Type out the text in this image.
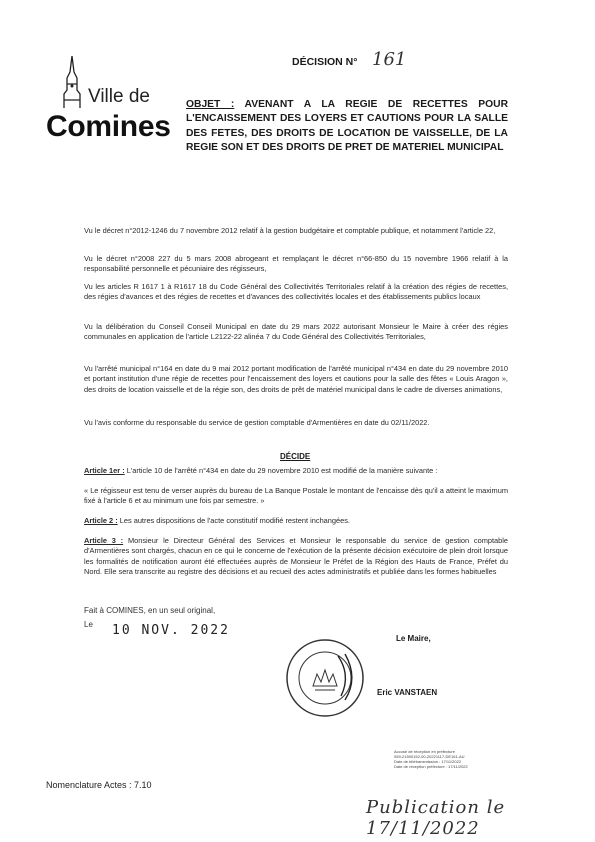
Ville de
Comines
DÉCISION N° 161
OBJET : AVENANT A LA REGIE DE RECETTES POUR L'ENCAISSEMENT DES LOYERS ET CAUTIONS POUR LA SALLE DES FETES, DES DROITS DE LOCATION DE VAISSELLE, DE LA REGIE SON ET DES DROITS DE PRET DE MATERIEL MUNICIPAL

Vu le décret n°2012-1246 du 7 novembre 2012 relatif à la gestion budgétaire et comptable publique, et notamment l'article 22,

Vu le décret n°2008 227 du 5 mars 2008 abrogeant et remplaçant le décret n°66-850 du 15 novembre 1966 relatif à la responsabilité personnelle et pécuniaire des régisseurs,

Vu les articles R 1617 1 à R1617 18 du Code Général des Collectivités Territoriales relatif à la création des régies de recettes, des régies d'avances et des régies de recettes et d'avances des collectivités locales et des établissements publics locaux

Vu la délibération du Conseil Conseil Municipal en date du 29 mars 2022 autorisant Monsieur le Maire à créer des régies communales en application de l'article L2122-22 alinéa 7 du Code Général des Collectivités Territoriales,

Vu l'arrêté municipal n°164 en date du 9 mai 2012 portant modification de l'arrêté municipal n°434 en date du 29 novembre 2010 et portant institution d'une régie de recettes pour l'encaissement des loyers et cautions pour la salle des fêtes « Louis Aragon », des droits de location vaisselle et de la régie son, des droits de prêt de matériel municipal dans le cadre de diverses animations,

Vu l'avis conforme du responsable du service de gestion comptable d'Armentières en date du 02/11/2022.

DÉCIDE

Article 1er : L'article 10 de l'arrêté n°434 en date du 29 novembre 2010 est modifié de la manière suivante :

« Le régisseur est tenu de verser auprès du bureau de La Banque Postale le montant de l'encaisse dès qu'il a atteint le maximum fixé à l'article 6 et au minimum une fois par semestre. »

Article 2 : Les autres dispositions de l'acte constitutif modifié restent inchangées.

Article 3 : Monsieur le Directeur Général des Services et Monsieur le responsable du service de gestion comptable d'Armentières sont chargés, chacun en ce qui le concerne de l'exécution de la présente décision exécutoire de plein droit lorsque les formalités de notification auront été effectuées auprès de Monsieur le Préfet de la Région des Hauts de France, Préfet du Nord. Elle sera transcrite au registre des décisions et au recueil des actes administratifs et publiée dans les formes habituelles

Fait à COMINES, en un seul original,
Le 10 NOV. 2022
Le Maire,
Eric VANSTAEN
Accusé de réception en préfecture
059-21590152-00-20221117-DE161-AU
Date de télétransmission : 17/11/2022
Date de réception préfecture : 17/11/2022
Nomenclature Actes : 7.10
Publication le 17/11/2022
